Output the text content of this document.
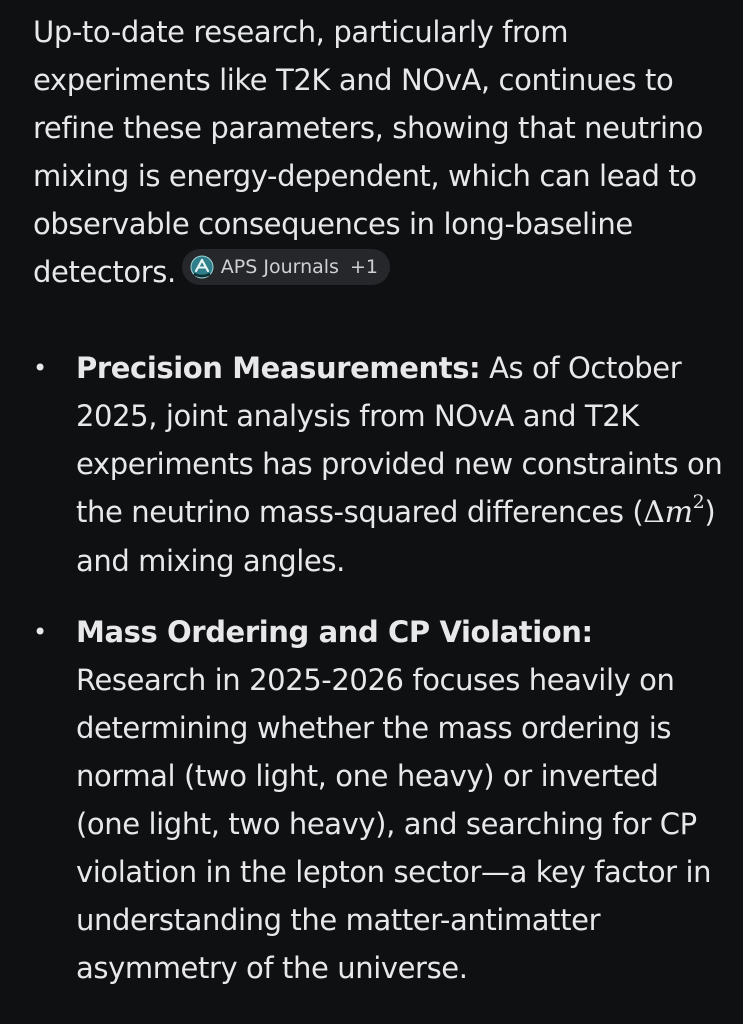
Up-to-date research, particularly from experiments like T2K and NOvA, continues to refine these parameters, showing that neutrino mixing is energy-dependent, which can lead to observable consequences in long-baseline detectors. APS Journals +1

• Precision Measurements: As of October 2025, joint analysis from NOvA and T2K experiments has provided new constraints on the neutrino mass-squared differences $(\Delta m^2)$ and mixing angles.
• Mass Ordering and CP Violation: Research in 2025-2026 focuses heavily on determining whether the mass ordering is normal (two light, one heavy) or inverted (one light, two heavy), and searching for CP violation in the lepton sector—a key factor in understanding the matter-antimatter asymmetry of the universe.
